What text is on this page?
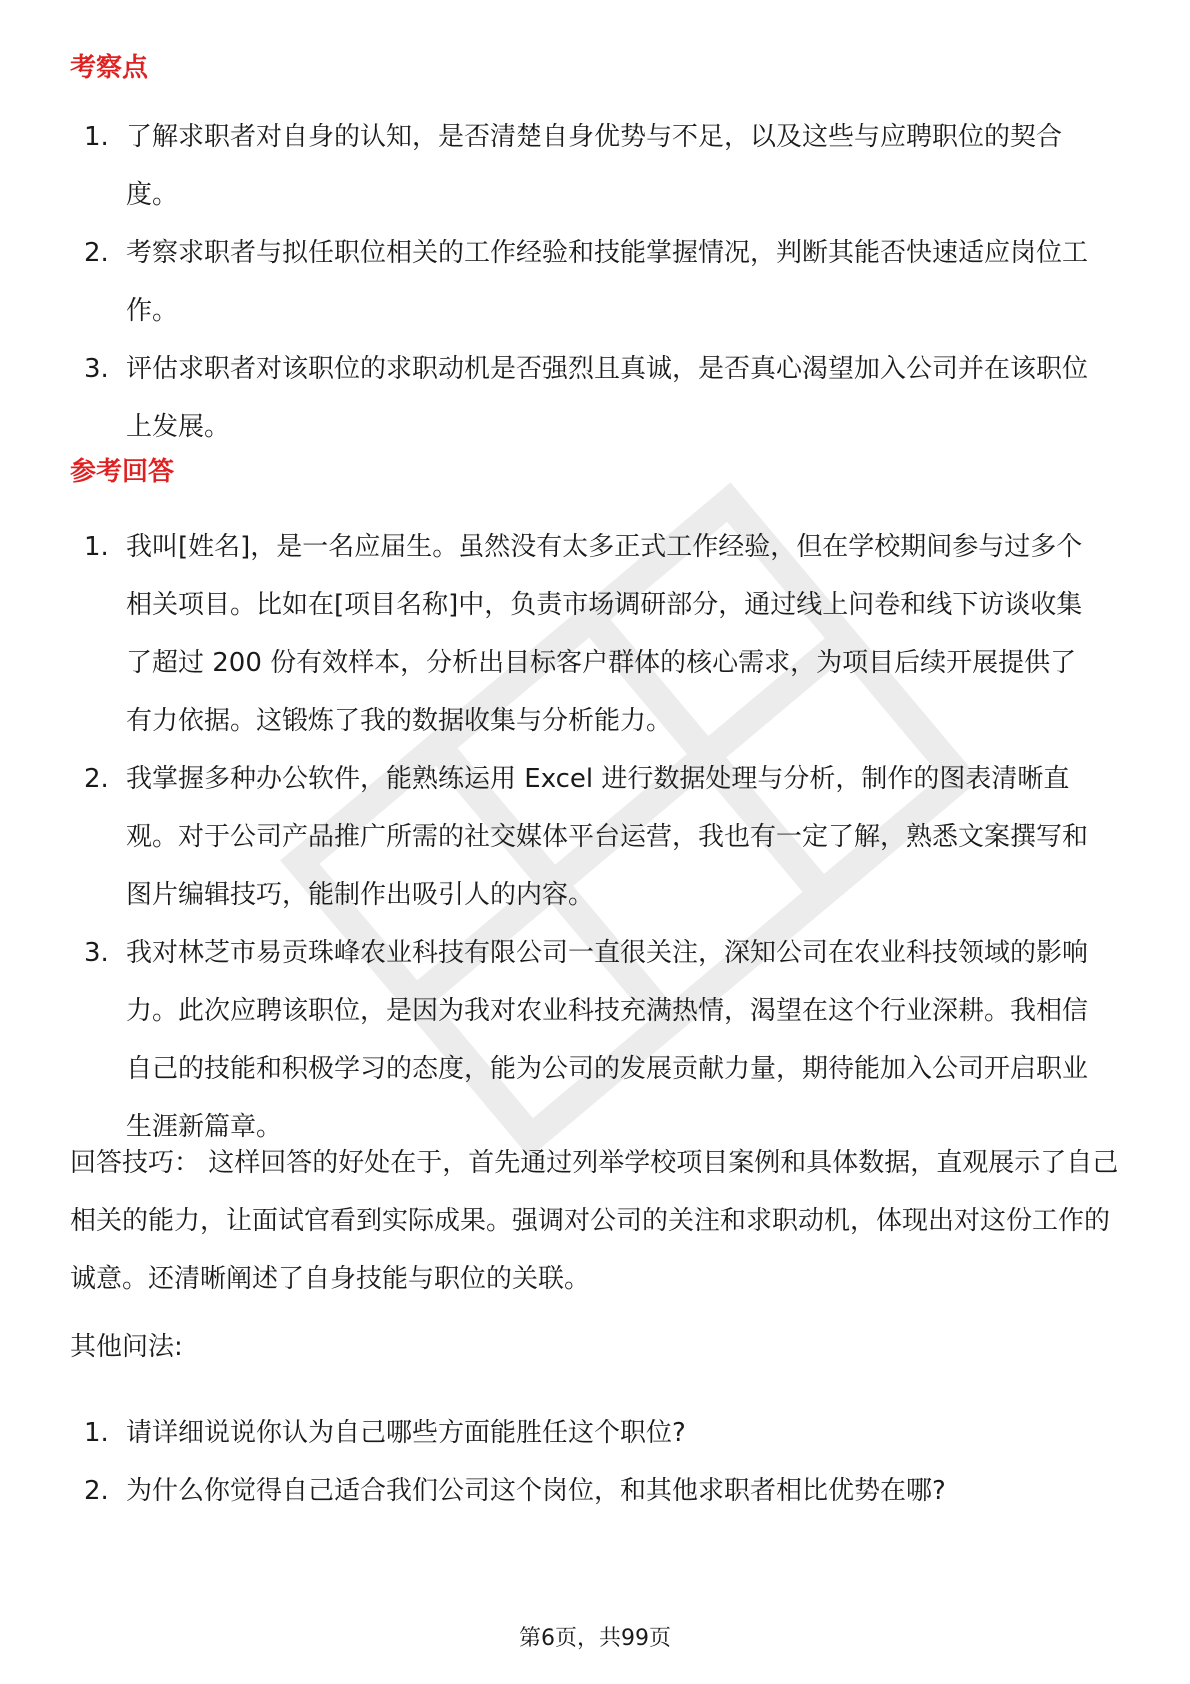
考察点
1. 了解求职者对自身的认知，是否清楚自身优势与不足，以及这些与应聘职位的契合度。
2. 考察求职者与拟任职位相关的工作经验和技能掌握情况，判断其能否快速适应岗位工作。
3. 评估求职者对该职位的求职动机是否强烈且真诚，是否真心渴望加入公司并在该职位上发展。
参考回答
1. 我叫[姓名]，是一名应届生。虽然没有太多正式工作经验，但在学校期间参与过多个相关项目。比如在[项目名称]中，负责市场调研部分，通过线上问卷和线下访谈收集了超过 200 份有效样本，分析出目标客户群体的核心需求，为项目后续开展提供了有力依据。这锻炼了我的数据收集与分析能力。
2. 我掌握多种办公软件，能熟练运用 Excel 进行数据处理与分析，制作的图表清晰直观。对于公司产品推广所需的社交媒体平台运营，我也有一定了解，熟悉文案撰写和图片编辑技巧，能制作出吸引人的内容。
3. 我对林芝市易贡珠峰农业科技有限公司一直很关注，深知公司在农业科技领域的影响力。此次应聘该职位，是因为我对农业科技充满热情，渴望在这个行业深耕。我相信自己的技能和积极学习的态度，能为公司的发展贡献力量，期待能加入公司开启职业生涯新篇章。

回答技巧： 这样回答的好处在于，首先通过列举学校项目案例和具体数据，直观展示了自己相关的能力，让面试官看到实际成果。强调对公司的关注和求职动机，体现出对这份工作的诚意。还清晰阐述了自身技能与职位的关联。

其他问法:

1. 请详细说说你认为自己哪些方面能胜任这个职位?
2. 为什么你觉得自己适合我们公司这个岗位，和其他求职者相比优势在哪?
第6页，共99页
